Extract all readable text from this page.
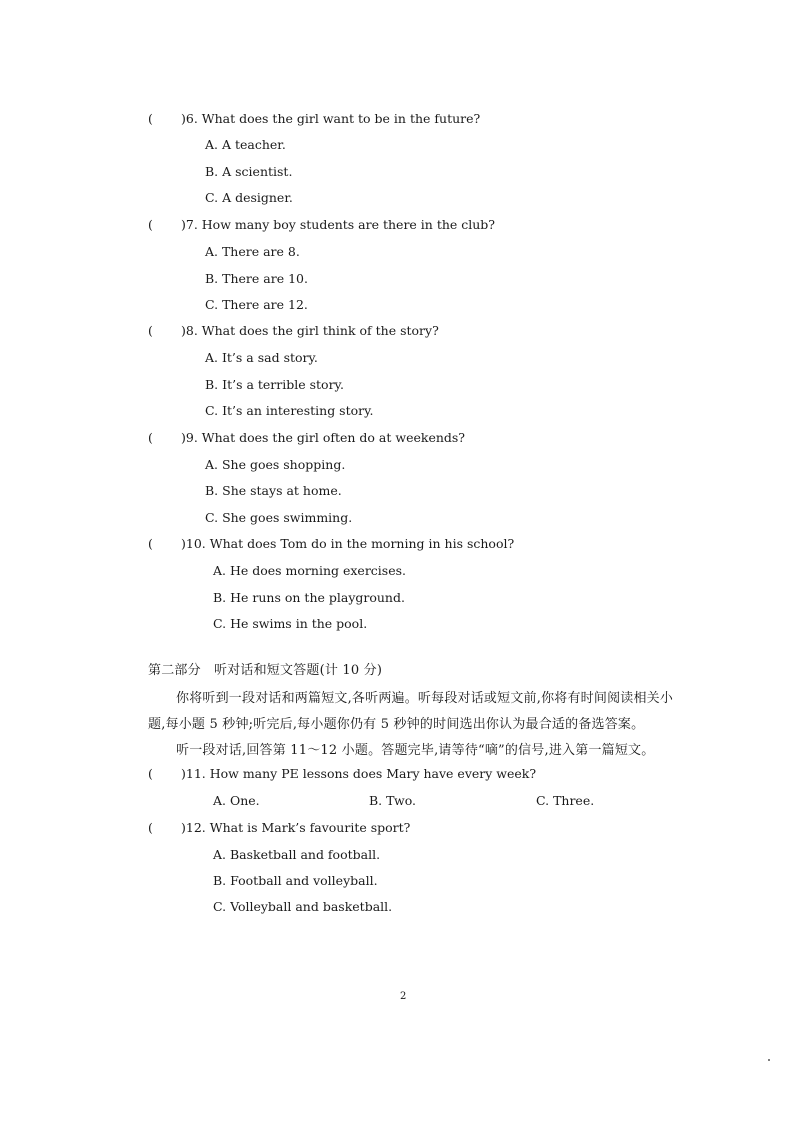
( )6. What does the girl want to be in the future?
A. A teacher.
B. A scientist.
C. A designer.
( )7. How many boy students are there in the club?
A. There are 8.
B. There are 10.
C. There are 12.
( )8. What does the girl think of the story?
A. It’s a sad story.
B. It’s a terrible story.
C. It’s an interesting story.
( )9. What does the girl often do at weekends?
A. She goes shopping.
B. She stays at home.
C. She goes swimming.
( )10. What does Tom do in the morning in his school?
A. He does morning exercises.
B. He runs on the playground.
C. He swims in the pool.
第二部分　听对话和短文答题(计 10 分)
你将听到一段对话和两篇短文,各听两遍。听每段对话或短文前,你将有时间阅读相关小
题,每小题 5 秒钟;听完后,每小题你仍有 5 秒钟的时间选出你认为最合适的备选答案。
听一段对话,回答第 11～12 小题。答题完毕,请等待“嘀”的信号,进入第一篇短文。
( )11. How many PE lessons does Mary have every week?
A. One.	B. Two.	C. Three.
( )12. What is Mark’s favourite sport?
A. Basketball and football.
B. Football and volleyball.
C. Volleyball and basketball.
2
